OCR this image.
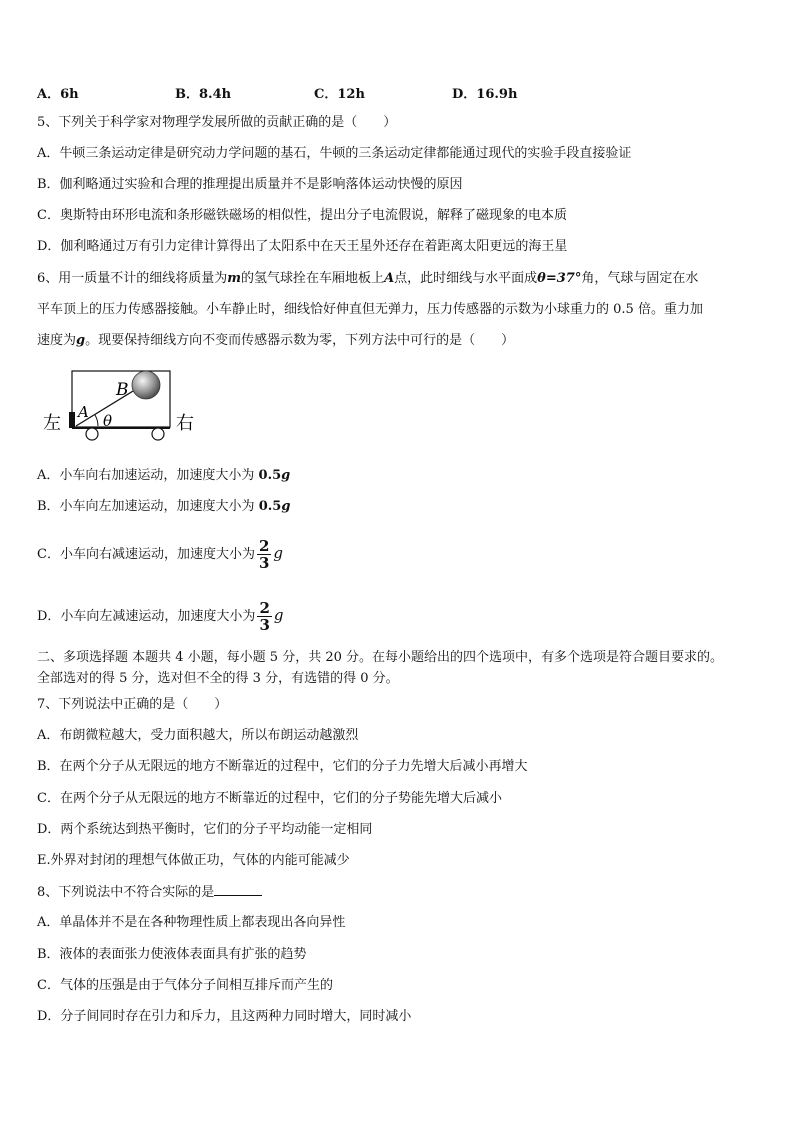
A．6h	B．8.4h	C．12h	D．16.9h
5、下列关于科学家对物理学发展所做的贡献正确的是（　　）
A．牛顿三条运动定律是研究动力学问题的基石，牛顿的三条运动定律都能通过现代的实验手段直接验证
B．伽利略通过实验和合理的推理提出质量并不是影响落体运动快慢的原因
C．奥斯特由环形电流和条形磁铁磁场的相似性，提出分子电流假说，解释了磁现象的电本质
D．伽利略通过万有引力定律计算得出了太阳系中在天王星外还存在着距离太阳更远的海王星
6、用一质量不计的细线将质量为m的氢气球拴在车厢地板上A点，此时细线与水平面成θ=37°角，气球与固定在水
平车顶上的压力传感器接触。小车静止时，细线恰好伸直但无弹力，压力传感器的示数为小球重力的 0.5 倍。重力加
速度为g。现要保持细线方向不变而传感器示数为零，下列方法中可行的是（　　）
左	右
A
B
θ
A．小车向右加速运动，加速度大小为 0.5g
B．小车向左加速运动，加速度大小为 0.5g
C．小车向右减速运动，加速度大小为 $\frac{2}{3}$ g
D．小车向左减速运动，加速度大小为 $\frac{2}{3}$ g
二、多项选择题 本题共 4 小题，每小题 5 分，共 20 分。在每小题给出的四个选项中，有多个选项是符合题目要求的。
全部选对的得 5 分，选对但不全的得 3 分，有选错的得 0 分。
7、下列说法中正确的是（　　）
A．布朗微粒越大，受力面积越大，所以布朗运动越激烈
B．在两个分子从无限远的地方不断靠近的过程中，它们的分子力先增大后减小再增大
C．在两个分子从无限远的地方不断靠近的过程中，它们的分子势能先增大后减小
D．两个系统达到热平衡时，它们的分子平均动能一定相同
E.外界对封闭的理想气体做正功，气体的内能可能减少
8、下列说法中不符合实际的是
A．单晶体并不是在各种物理性质上都表现出各向异性
B．液体的表面张力使液体表面具有扩张的趋势
C．气体的压强是由于气体分子间相互排斥而产生的
D．分子间同时存在引力和斥力，且这两种力同时增大，同时减小
